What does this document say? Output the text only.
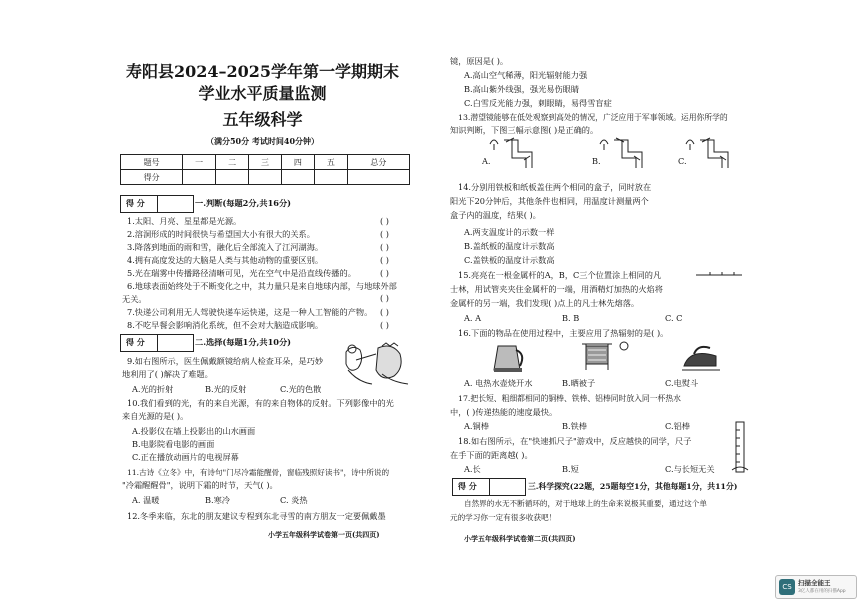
寿阳县2024–2025学年第一学期期末
学业水平质量监测
五年级科学
（满分50分 考试时间40分钟）
题号	一	二	三	四	五	总分
得分						
得 分	一.判断(每题2分,共16分)
1.太阳、月亮、星星都是光源。	( )
2.溶洞形成的时间很快与希望国大小有很大的关系。	( )
3.降落到地面的雨和雪，融化后全部流入了江河湖海。	( )
4.拥有高度发达的大脑是人类与其他动物的重要区别。	( )
5.光在瑞雾中传播路径清晰可见，光在空气中是沿直线传播的。	( )
6.地球表面始终处于不断变化之中，其力量只是来自地球内部，与地球外部
( )
无关。
7.快递公司利用无人驾驶快递车运快递，这是一种人工智能的产物。 ( )
8.不吃早餐会影响消化系统，但不会对大脑造成影响。	( )
得 分	二.选择(每题1分,共10分)
9.如右图所示，医生佩戴额镜给病人检查耳朵，是巧妙
地利用了( )解决了难题。
A.光的折射	B.光的反射	C.光的色散
10.我们看到的光，有的来自光源，有的来自物体的反射。下列影像中的光
来自光源的是( )。
A.投影仪在墙上投影出的山水画面
B.电影院看电影的画面
C.正在播放动画片的电视屏幕
11.古诗《立冬》中，有诗句"门尽冷霜能醒骨，窗临残照好读书"，诗中所说的
"冷霜醒醒骨"，说明下霜的时节，天气( )。
A. 温暖	B.寒冷	C. 炎热
12.冬季来临，东北的朋友建议专程到东北寻雪的南方朋友一定要佩戴墨
小学五年级科学试卷第一页(共四页)
镜，原因是( )。
A.高山空气稀薄，阳光辐射能力强
B.高山紫外线强，强光易伤眼睛
C.白雪反光能力强，刺眼睛，易得雪盲症
13.潜望镜能够在低处观察到高处的情况，广泛应用于军事领域。运用你所学的
知识判断，下图三幅示意图( )是正确的。
A.	B.	C.
14.分别用铁板和纸板盖住两个相同的盒子，同时放在
阳光下20分钟后，其他条件也相同，用温度计测量两个
盒子内的温度，结果( )。
A.两支温度计的示数一样
B.盖纸板的温度计示数高
C.盖铁板的温度计示数高
15.亮亮在一根金属杆的A，B，C三个位置涂上相同的凡
士林，用试管夹夹住金属杆的一端，用酒精灯加热的火焰将
金属杆的另一端，我们发现( )点上的凡士林先熔落。
A. A	B. B	C. C
16.下面的物品在使用过程中，主要应用了热辐射的是( )。
A. 电热水壶烧开水	B.晒被子	C.电熨斗
17.把长短、粗细都相同的铜棒、铁棒、铝棒同时放入同一杯热水
中，( )传递热能的速度最快。
A.铜棒	B.铁棒	C.铝棒
18.如右图所示，在"快速抓尺子"游戏中，反应越快的同学，尺子
在手下面的距离越( )。
A.长	B.短	C.与长短无关
得 分	三.科学探究(22题，25题每空1分，其他每题1分，共11分)
自然界的水无不断循环的，对于地球上的生命来说极其重要，通过这个单
元的学习你一定有很多收获吧！
小学五年级科学试卷第二页(共四页)
CS 扫描全能王
3亿人都在用的扫描App
